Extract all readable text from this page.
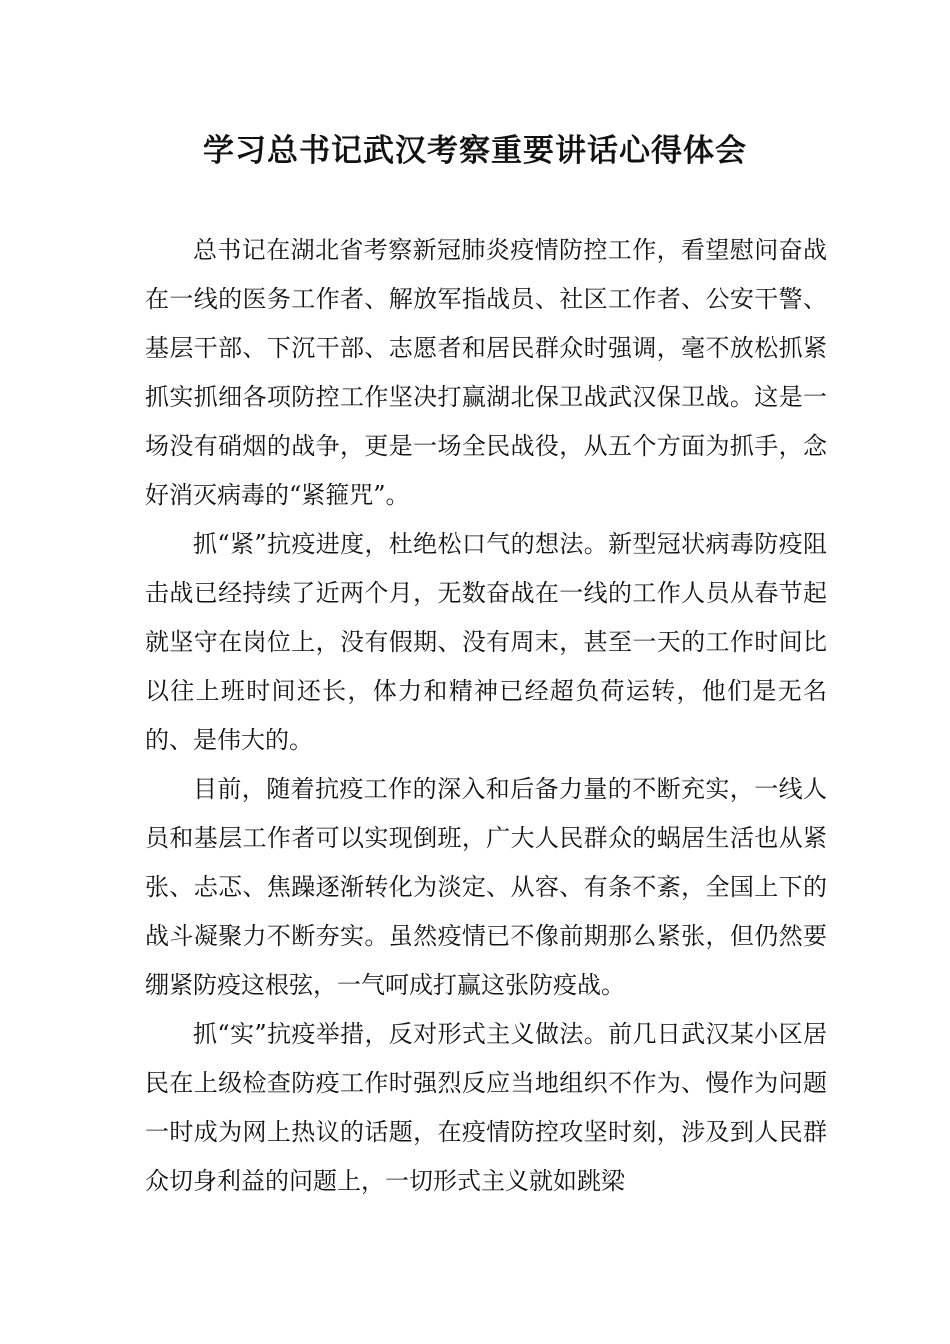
学习总书记武汉考察重要讲话心得体会

总书记在湖北省考察新冠肺炎疫情防控工作，看望慰问奋战在一线的医务工作者、解放军指战员、社区工作者、公安干警、基层干部、下沉干部、志愿者和居民群众时强调，毫不放松抓紧抓实抓细各项防控工作坚决打赢湖北保卫战武汉保卫战。这是一场没有硝烟的战争，更是一场全民战役，从五个方面为抓手，念好消灭病毒的“紧箍咒”。

抓“紧”抗疫进度，杜绝松口气的想法。新型冠状病毒防疫阻击战已经持续了近两个月，无数奋战在一线的工作人员从春节起就坚守在岗位上，没有假期、没有周末，甚至一天的工作时间比以往上班时间还长，体力和精神已经超负荷运转，他们是无名的、是伟大的。

目前，随着抗疫工作的深入和后备力量的不断充实，一线人员和基层工作者可以实现倒班，广大人民群众的蜗居生活也从紧张、忐忑、焦躁逐渐转化为淡定、从容、有条不紊，全国上下的战斗凝聚力不断夯实。虽然疫情已不像前期那么紧张，但仍然要绷紧防疫这根弦，一气呵成打赢这张防疫战。

抓“实”抗疫举措，反对形式主义做法。前几日武汉某小区居民在上级检查防疫工作时强烈反应当地组织不作为、慢作为问题一时成为网上热议的话题，在疫情防控攻坚时刻，涉及到人民群众切身利益的问题上，一切形式主义就如跳梁
